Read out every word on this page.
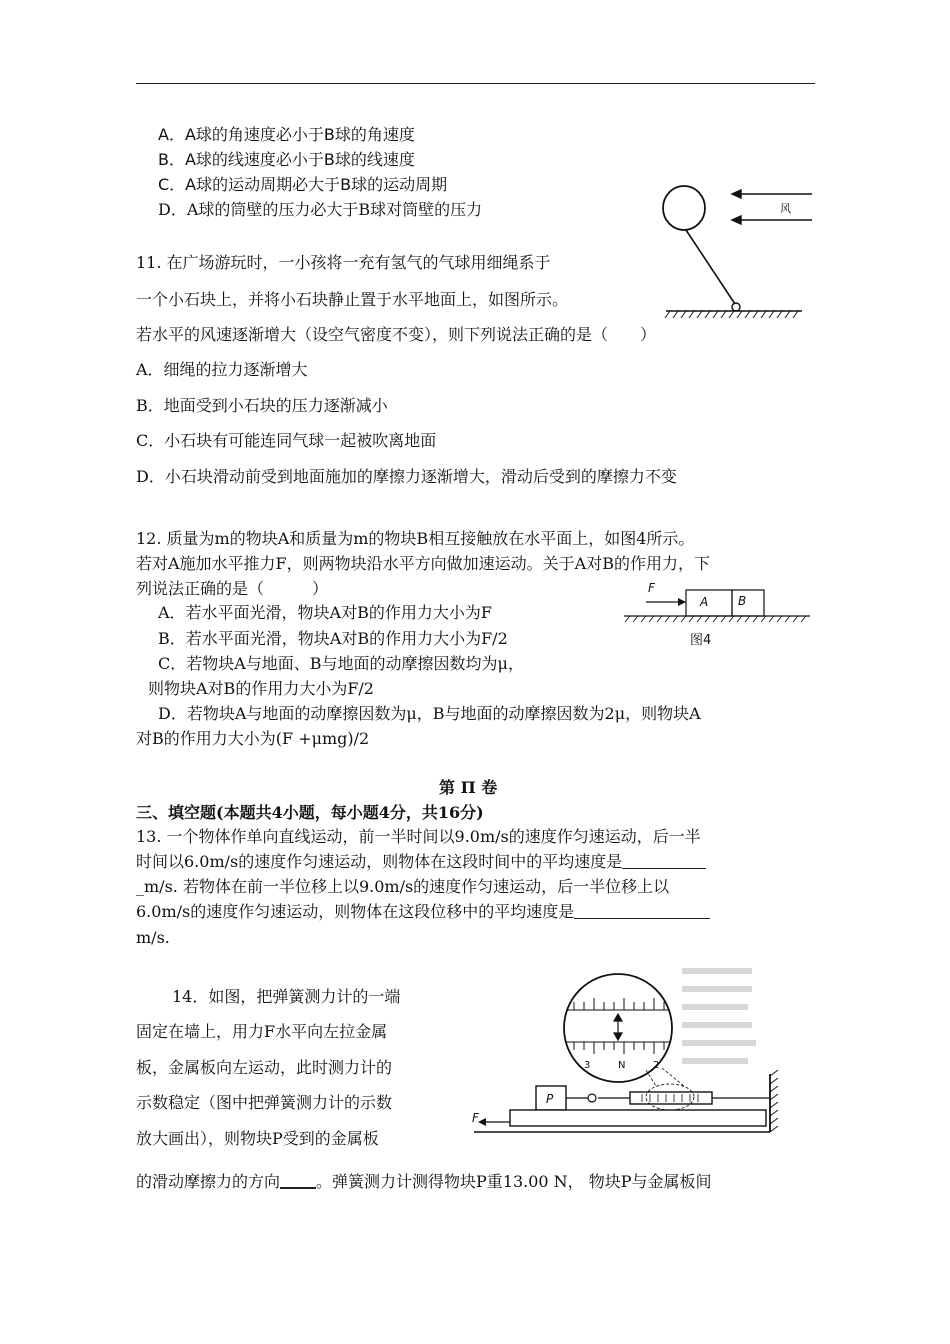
A．A球的角速度必小于B球的角速度
B．A球的线速度必小于B球的线速度
C．A球的运动周期必大于B球的运动周期
D．A球的筒壁的压力必大于B球对筒壁的压力	风
11. 在广场游玩时，一小孩将一充有氢气的气球用细绳系于
一个小石块上，并将小石块静止置于水平地面上，如图所示。
若水平的风速逐渐增大（设空气密度不变），则下列说法正确的是（　　）
A．细绳的拉力逐渐增大
B．地面受到小石块的压力逐渐减小
C．小石块有可能连同气球一起被吹离地面
D．小石块滑动前受到地面施加的摩擦力逐渐增大，滑动后受到的摩擦力不变
12. 质量为m的物块A和质量为m的物块B相互接触放在水平面上，如图4所示。
若对A施加水平推力F，则两物块沿水平方向做加速运动。关于A对B的作用力，下
列说法正确的是（　　　）	F
A B
图4
A．若水平面光滑，物块A对B的作用力大小为F
B．若水平面光滑，物块A对B的作用力大小为F/2
C．若物块A与地面、B与地面的动摩擦因数均为μ，
则物块A对B的作用力大小为F/2
D．若物块A与地面的动摩擦因数为μ，B与地面的动摩擦因数为2μ，则物块A
对B的作用力大小为(F +μmg)/2
第 Π 卷
三、填空题(本题共4小题，每小题4分，共16分)
13. 一个物体作单向直线运动，前一半时间以9.0m/s的速度作匀速运动，后一半
时间以6.0m/s的速度作匀速运动，则物体在这段时间中的平均速度是
_m/s. 若物体在前一半位移上以9.0m/s的速度作匀速运动，后一半位移上以
6.0m/s的速度作匀速运动，则物体在这段位移中的平均速度是
m/s.
14．如图，把弹簧测力计的一端
固定在墙上，用力F水平向左拉金属
板，金属板向左运动，此时测力计的
示数稳定（图中把弹簧测力计的示数
放大画出），则物块P受到的金属板
的滑动摩擦力的方向 。弹簧测力计测得物块P重13.00 N， 物块P与金属板间
3	N	2
P
F
